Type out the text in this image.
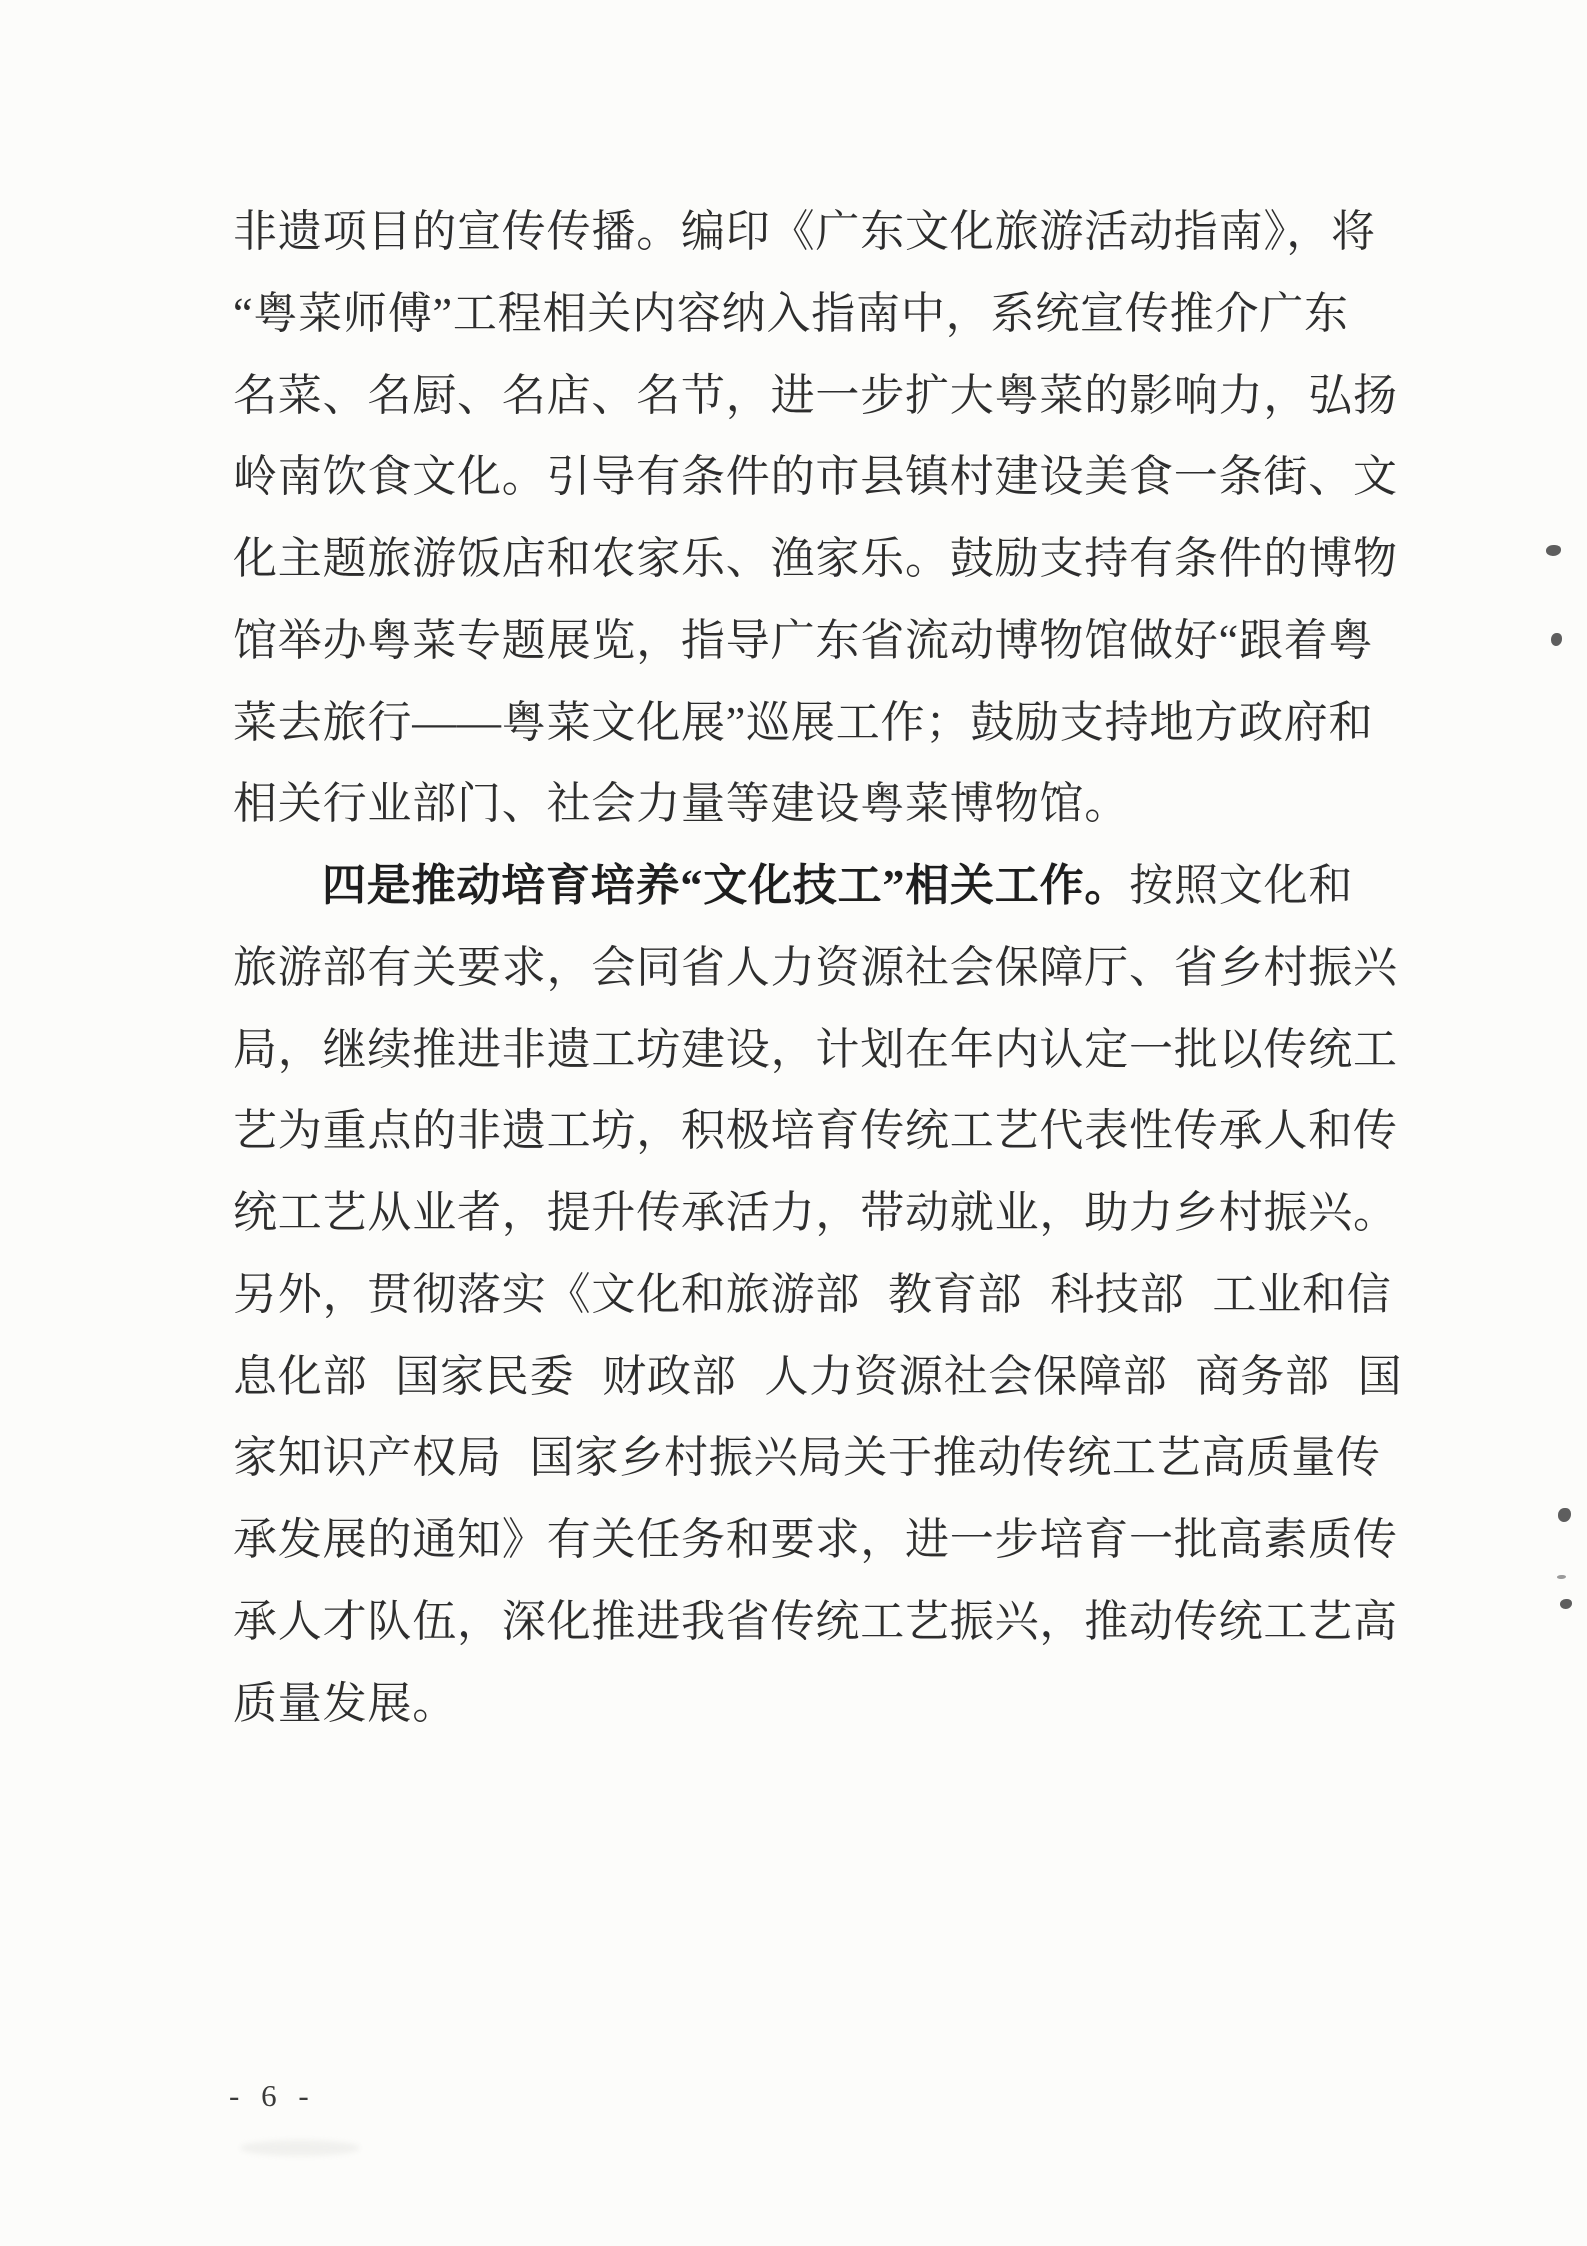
非遗项目的宣传传播。编印《广东文化旅游活动指南》，将
“粤菜师傅”工程相关内容纳入指南中，系统宣传推介广东
名菜、名厨、名店、名节，进一步扩大粤菜的影响力，弘扬
岭南饮食文化。引导有条件的市县镇村建设美食一条街、文
化主题旅游饭店和农家乐、渔家乐。鼓励支持有条件的博物
馆举办粤菜专题展览，指导广东省流动博物馆做好“跟着粤
菜去旅行——粤菜文化展”巡展工作；鼓励支持地方政府和
相关行业部门、社会力量等建设粤菜博物馆。
四是推动培育培养“文化技工”相关工作。按照文化和
旅游部有关要求，会同省人力资源社会保障厅、省乡村振兴
局，继续推进非遗工坊建设，计划在年内认定一批以传统工
艺为重点的非遗工坊，积极培育传统工艺代表性传承人和传
统工艺从业者，提升传承活力，带动就业，助力乡村振兴。
另外，贯彻落实《文化和旅游部 教育部 科技部 工业和信
息化部 国家民委 财政部 人力资源社会保障部 商务部 国
家知识产权局 国家乡村振兴局关于推动传统工艺高质量传
承发展的通知》有关任务和要求，进一步培育一批高素质传
承人才队伍，深化推进我省传统工艺振兴，推动传统工艺高
质量发展。
- 6 -
